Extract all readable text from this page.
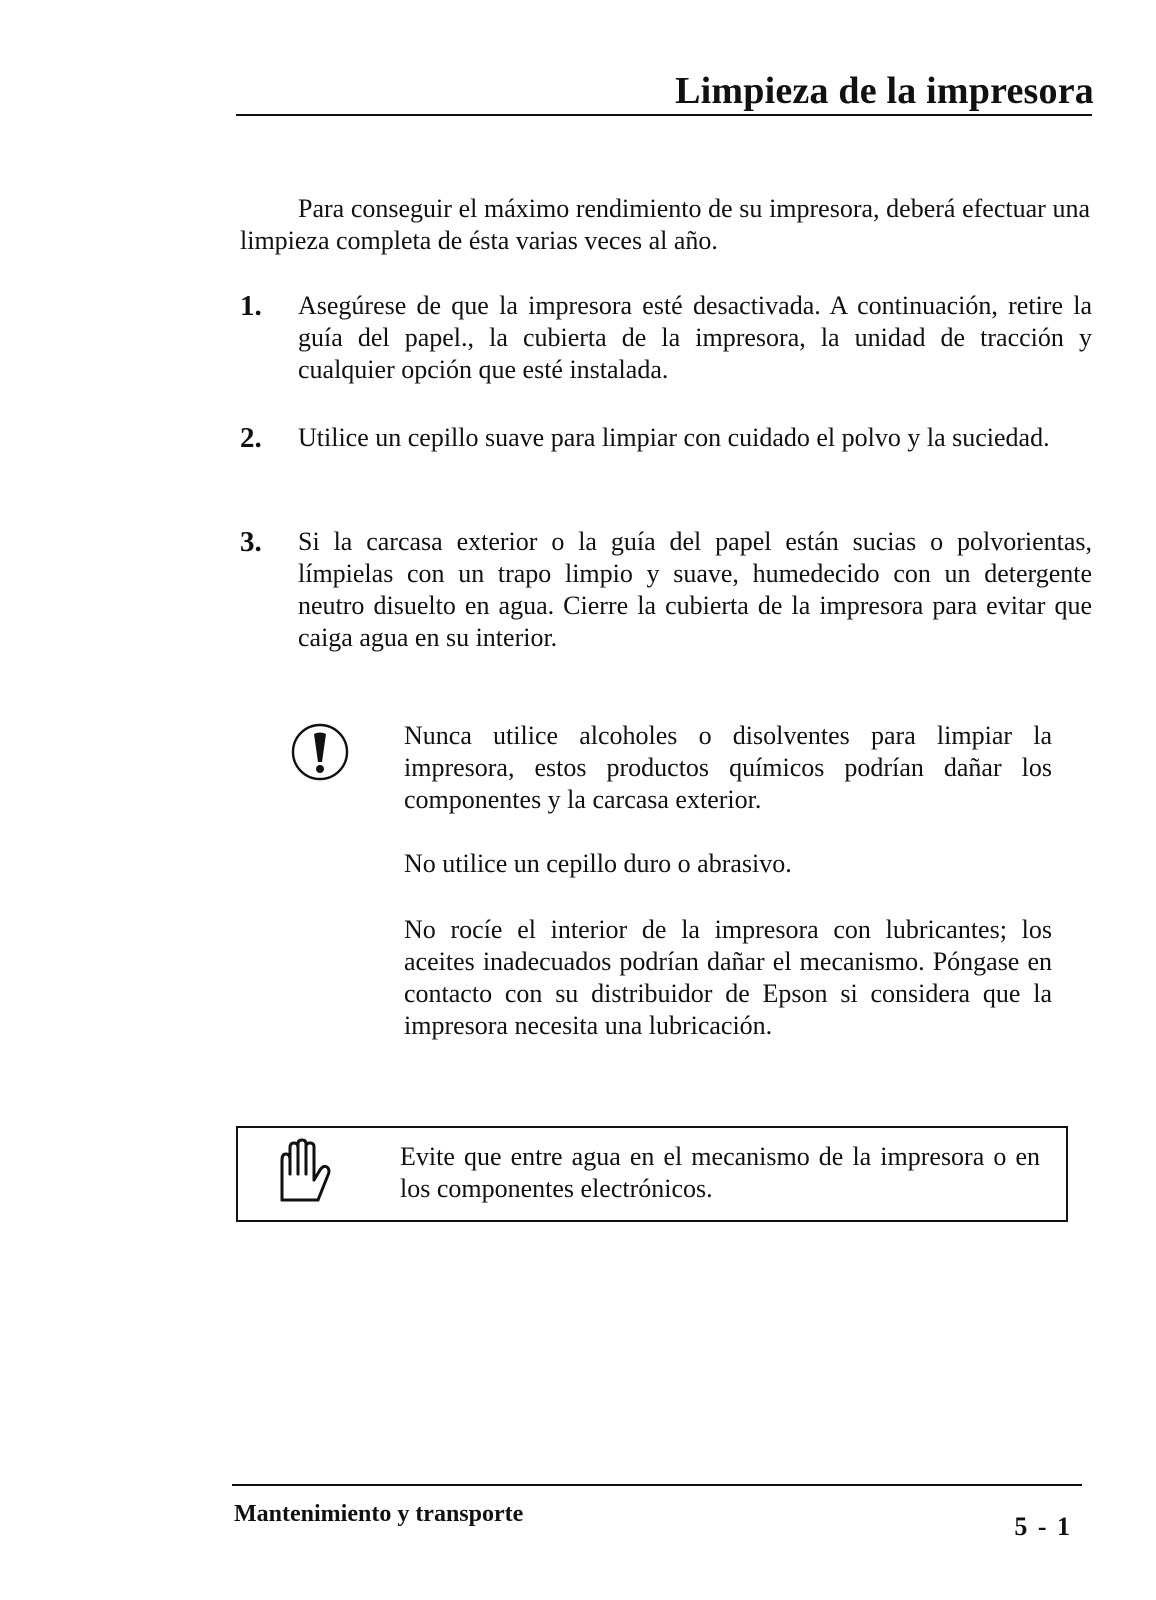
Limpieza de la impresora

Para conseguir el máximo rendimiento de su impresora, deberá efectuar una limpieza completa de ésta varias veces al año.

1. Asegúrese de que la impresora esté desactivada. A continuación, retire la guía del papel., la cubierta de la impresora, la unidad de tracción y cualquier opción que esté instalada.
2. Utilice un cepillo suave para limpiar con cuidado el polvo y la suciedad.
3. Si la carcasa exterior o la guía del papel están sucias o polvorientas, límpielas con un trapo limpio y suave, humedecido con un detergente neutro disuelto en agua. Cierre la cubierta de la impresora para evitar que caiga agua en su interior.
Nunca utilice alcoholes o disolventes para limpiar la impresora, estos productos químicos podrían dañar los componentes y la carcasa exterior.
No utilice un cepillo duro o abrasivo.
No rocíe el interior de la impresora con lubricantes; los aceites inadecuados podrían dañar el mecanismo. Póngase en contacto con su distribuidor de Epson si considera que la impresora necesita una lubricación.
Evite que entre agua en el mecanismo de la impresora o en los componentes electrónicos.
Mantenimiento y transporte	5 - 1
